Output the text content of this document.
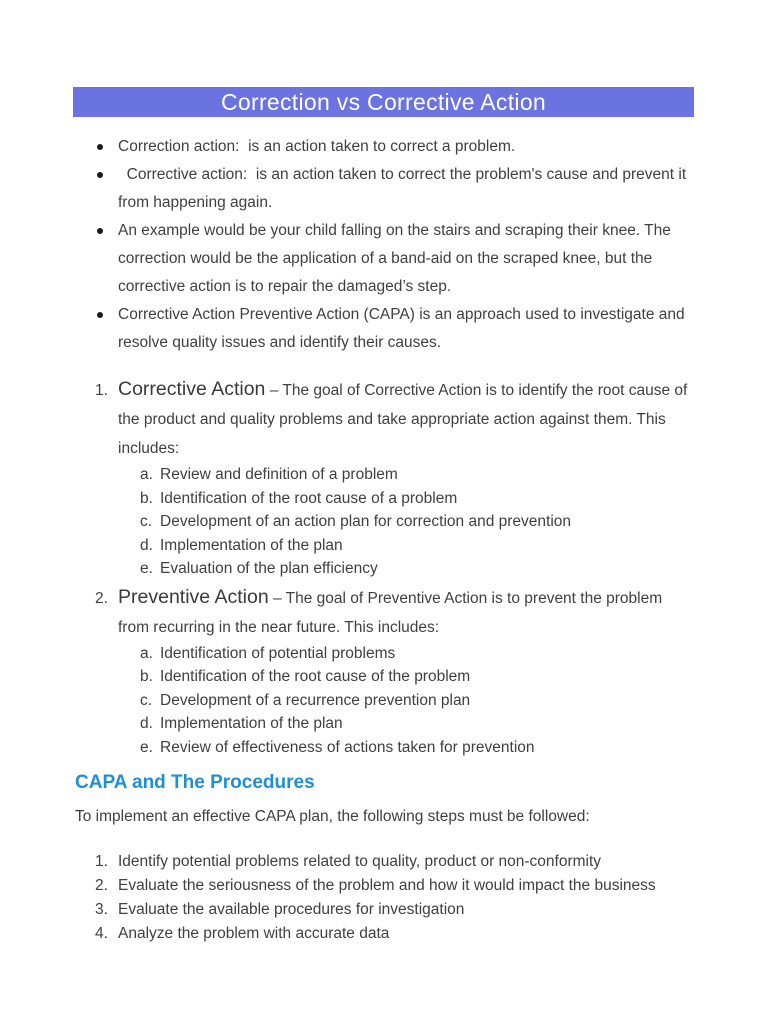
Correction vs Corrective Action
Correction action:  is an action taken to correct a problem.
Corrective action:  is an action taken to correct the problem's cause and prevent it from happening again.
An example would be your child falling on the stairs and scraping their knee. The correction would be the application of a band-aid on the scraped knee, but the corrective action is to repair the damaged’s step.
Corrective Action Preventive Action (CAPA) is an approach used to investigate and resolve quality issues and identify their causes.
1. Corrective Action – The goal of Corrective Action is to identify the root cause of the product and quality problems and take appropriate action against them. This includes:
a. Review and definition of a problem
b. Identification of the root cause of a problem
c. Development of an action plan for correction and prevention
d. Implementation of the plan
e. Evaluation of the plan efficiency
2. Preventive Action – The goal of Preventive Action is to prevent the problem from recurring in the near future. This includes:
a. Identification of potential problems
b. Identification of the root cause of the problem
c. Development of a recurrence prevention plan
d. Implementation of the plan
e. Review of effectiveness of actions taken for prevention
CAPA and The Procedures
To implement an effective CAPA plan, the following steps must be followed:
1. Identify potential problems related to quality, product or non-conformity
2. Evaluate the seriousness of the problem and how it would impact the business
3. Evaluate the available procedures for investigation
4. Analyze the problem with accurate data
